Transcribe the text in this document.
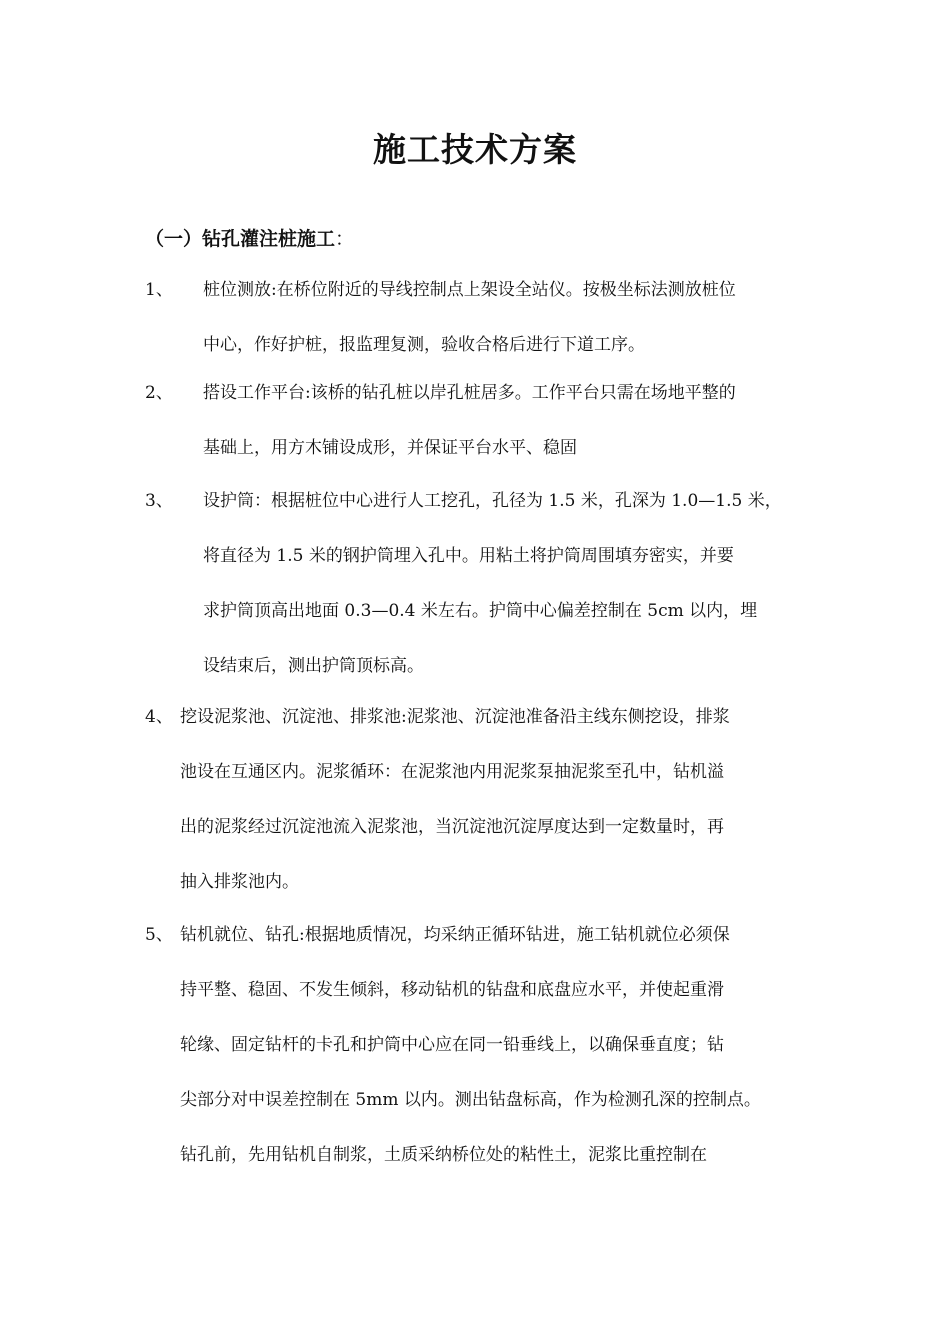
施工技术方案
（一）钻孔灌注桩施工：
1、 桩位测放:在桥位附近的导线控制点上架设全站仪。按极坐标法测放桩位
中心，作好护桩，报监理复测，验收合格后进行下道工序。
2、 搭设工作平台:该桥的钻孔桩以岸孔桩居多。工作平台只需在场地平整的
基础上，用方木铺设成形，并保证平台水平、稳固
3、 设护筒：根据桩位中心进行人工挖孔，孔径为 1.5 米，孔深为 1.0—1.5 米，
将直径为 1.5 米的钢护筒埋入孔中。用粘土将护筒周围填夯密实，并要
求护筒顶高出地面 0.3—0.4 米左右。护筒中心偏差控制在 5cm 以内，埋
设结束后，测出护筒顶标高。
4、 挖设泥浆池、沉淀池、排浆池:泥浆池、沉淀池准备沿主线东侧挖设，排浆
池设在互通区内。泥浆循环：在泥浆池内用泥浆泵抽泥浆至孔中，钻机溢
出的泥浆经过沉淀池流入泥浆池，当沉淀池沉淀厚度达到一定数量时，再
抽入排浆池内。
5、 钻机就位、钻孔:根据地质情况，均采纳正循环钻进，施工钻机就位必须保
持平整、稳固、不发生倾斜，移动钻机的钻盘和底盘应水平，并使起重滑
轮缘、固定钻杆的卡孔和护筒中心应在同一铅垂线上，以确保垂直度；钻
尖部分对中误差控制在 5mm 以内。测出钻盘标高，作为检测孔深的控制点。
钻孔前，先用钻机自制浆，土质采纳桥位处的粘性土，泥浆比重控制在
